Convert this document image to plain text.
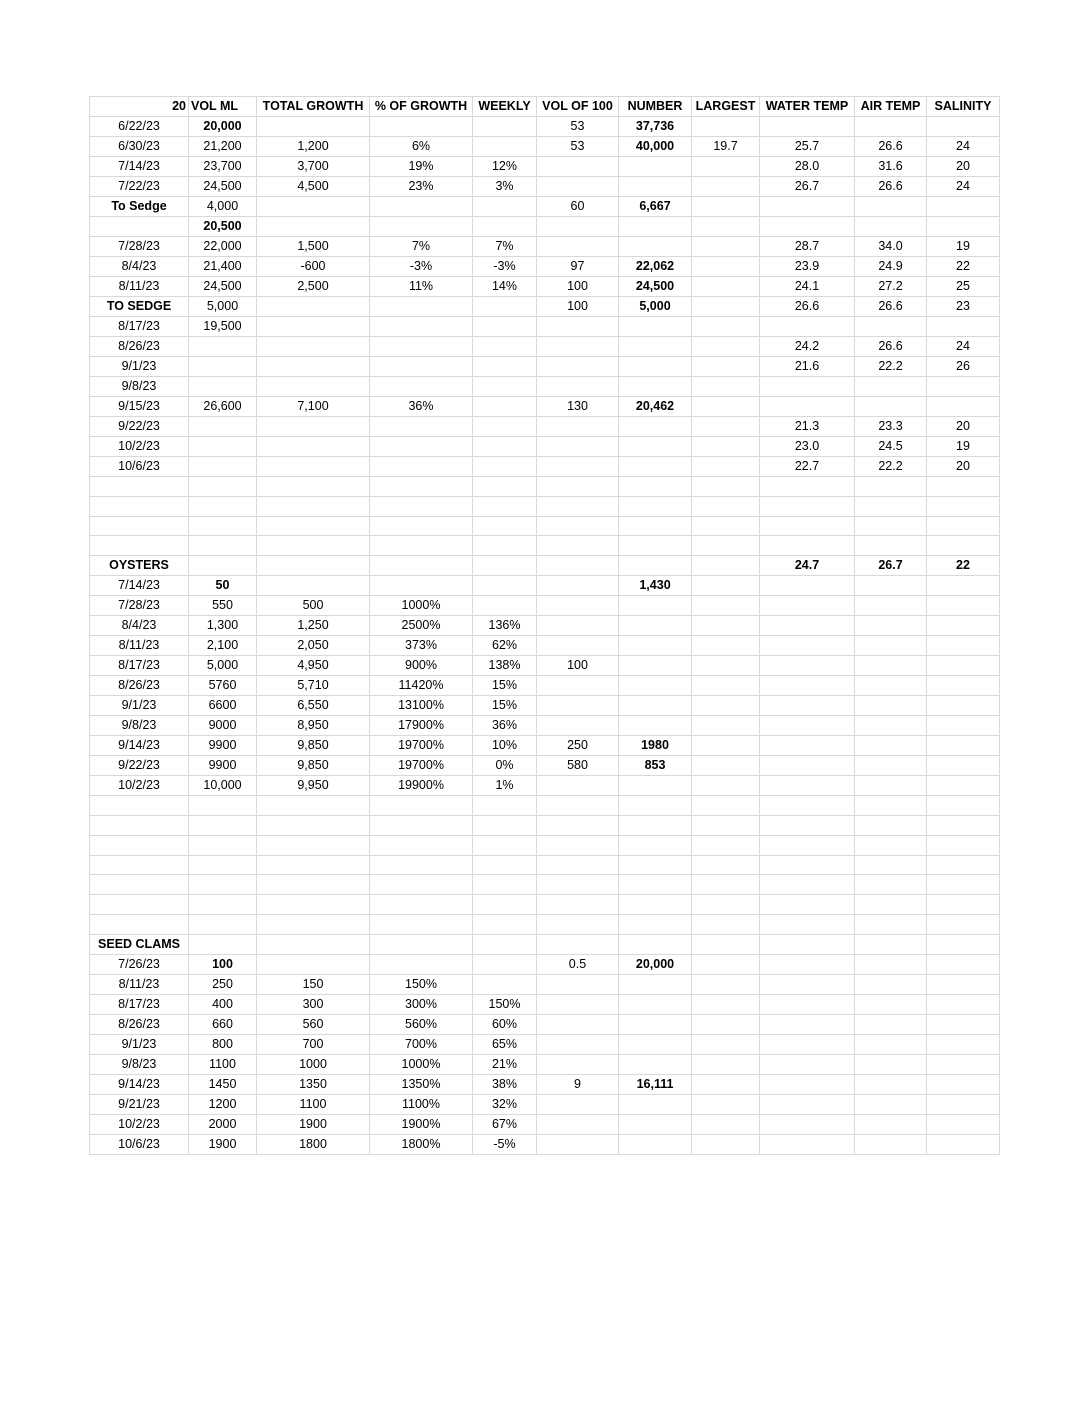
20	VOL ML	TOTAL GROWTH	% OF GROWTH	WEEKLY	VOL OF 100	NUMBER	LARGEST	WATER TEMP	AIR TEMP	SALINITY
6/22/23	20,000				53	37,736				
6/30/23	21,200	1,200	6%		53	40,000	19.7	25.7	26.6	24
7/14/23	23,700	3,700	19%	12%				28.0	31.6	20
7/22/23	24,500	4,500	23%	3%				26.7	26.6	24
To Sedge	4,000				60	6,667				
	20,500									
7/28/23	22,000	1,500	7%	7%				28.7	34.0	19
8/4/23	21,400	-600	-3%	-3%	97	22,062		23.9	24.9	22
8/11/23	24,500	2,500	11%	14%	100	24,500		24.1	27.2	25
TO SEDGE	5,000				100	5,000		26.6	26.6	23
8/17/23	19,500									
8/26/23								24.2	26.6	24
9/1/23								21.6	22.2	26
9/8/23										
9/15/23	26,600	7,100	36%		130	20,462				
9/22/23								21.3	23.3	20
10/2/23								23.0	24.5	19
10/6/23								22.7	22.2	20

OYSTERS								24.7	26.7	22
7/14/23	50					1,430				
7/28/23	550	500	1000%							
8/4/23	1,300	1,250	2500%	136%						
8/11/23	2,100	2,050	373%	62%						
8/17/23	5,000	4,950	900%	138%	100					
8/26/23	5760	5,710	11420%	15%						
9/1/23	6600	6,550	13100%	15%						
9/8/23	9000	8,950	17900%	36%						
9/14/23	9900	9,850	19700%	10%	250	1980				
9/22/23	9900	9,850	19700%	0%	580	853				
10/2/23	10,000	9,950	19900%	1%						

SEED CLAMS										
7/26/23	100				0.5	20,000				
8/11/23	250	150	150%							
8/17/23	400	300	300%	150%						
8/26/23	660	560	560%	60%						
9/1/23	800	700	700%	65%						
9/8/23	1100	1000	1000%	21%						
9/14/23	1450	1350	1350%	38%	9	16,111				
9/21/23	1200	1100	1100%	32%						
10/2/23	2000	1900	1900%	67%						
10/6/23	1900	1800	1800%	-5%						
